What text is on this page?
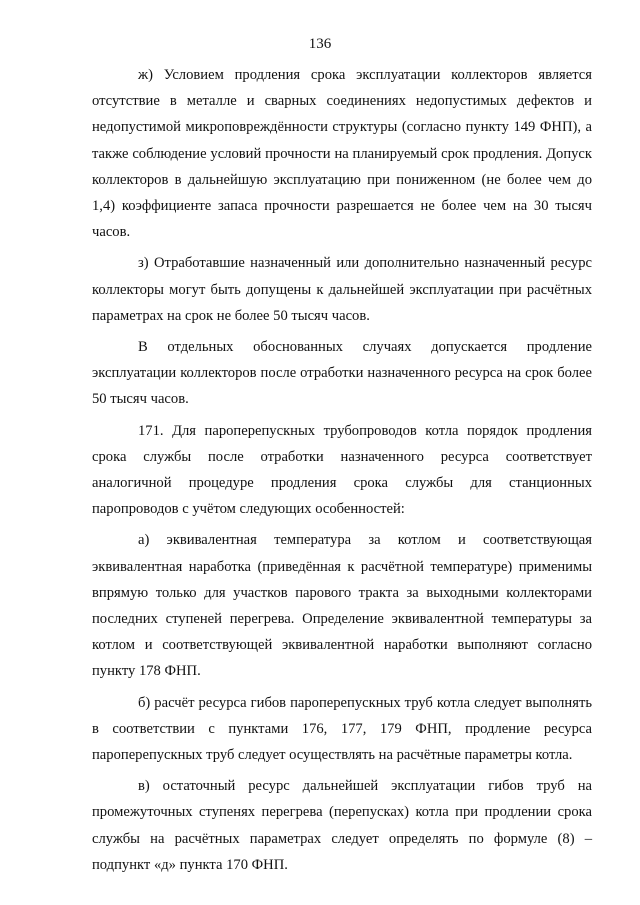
136

ж) Условием продления срока эксплуатации коллекторов является отсутствие в металле и сварных соединениях недопустимых дефектов и недопустимой микроповреждённости структуры (согласно пункту 149 ФНП), а также соблюдение условий прочности на планируемый срок продления. Допуск коллекторов в дальнейшую эксплуатацию при пониженном (не более чем до 1,4) коэффициенте запаса прочности разрешается не более чем на 30 тысяч часов.

з) Отработавшие назначенный или дополнительно назначенный ресурс коллекторы могут быть допущены к дальнейшей эксплуатации при расчётных параметрах на срок не более 50 тысяч часов.

В отдельных обоснованных случаях допускается продление эксплуатации коллекторов после отработки назначенного ресурса на срок более 50 тысяч часов.

171. Для пароперепускных трубопроводов котла порядок продления срока службы после отработки назначенного ресурса соответствует аналогичной процедуре продления срока службы для станционных паропроводов с учётом следующих особенностей:

а) эквивалентная температура за котлом и соответствующая эквивалентная наработка (приведённая к расчётной температуре) применимы впрямую только для участков парового тракта за выходными коллекторами последних ступеней перегрева. Определение эквивалентной температуры за котлом и соответствующей эквивалентной наработки выполняют согласно пункту 178 ФНП.

б) расчёт ресурса гибов пароперепускных труб котла следует выполнять в соответствии с пунктами 176, 177, 179 ФНП, продление ресурса пароперепускных труб следует осуществлять на расчётные параметры котла.

в) остаточный ресурс дальнейшей эксплуатации гибов труб на промежуточных ступенях перегрева (перепусках) котла при продлении срока службы на расчётных параметрах следует определять по формуле (8) – подпункт «д» пункта 170 ФНП.
